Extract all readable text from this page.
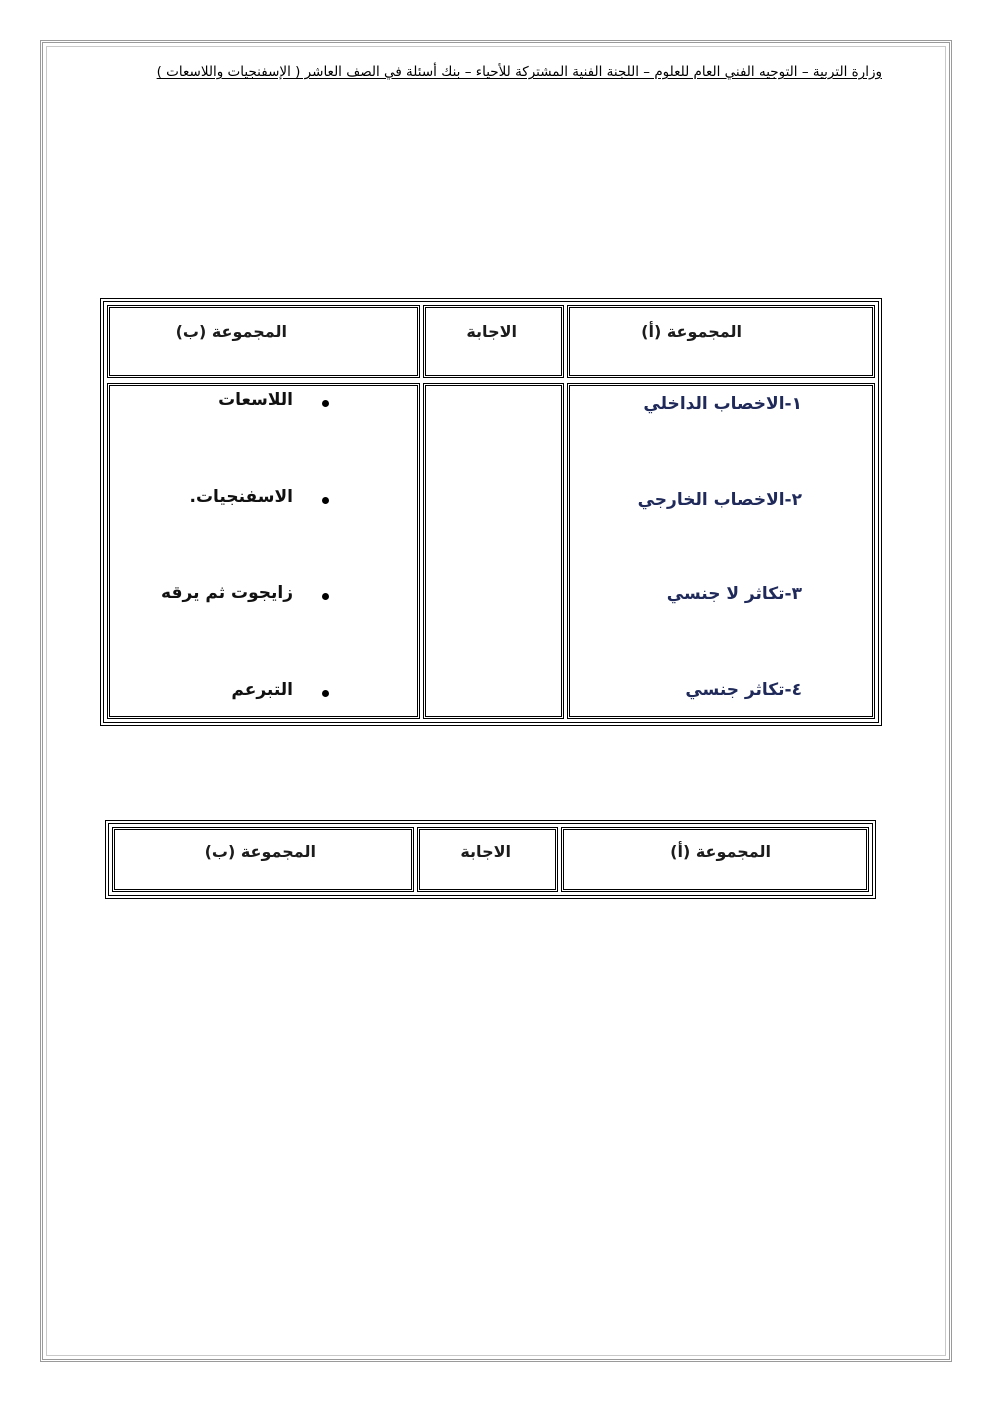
وزارة التربية – التوجيه الفني العام للعلوم – اللجنة الفنية المشتركة للأحياء – بنك أسئلة في الصف العاشر ( الإسفنجيات واللاسعات )
المجموعة (أ)
الاجابة
المجموعة (ب)
١-الاخصاب الداخلي
٢-الاخصاب الخارجي
٣-تكاثر لا جنسي
٤-تكاثر جنسي
اللاسعات
الاسفنجيات.
زايجوت ثم يرقه
التبرعم
المجموعة (أ)
الاجابة
المجموعة (ب)
